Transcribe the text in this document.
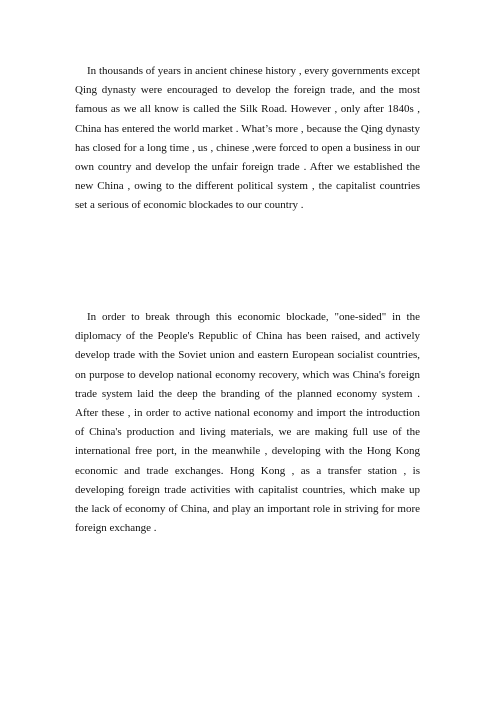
In thousands of years in ancient chinese history , every governments except Qing dynasty were encouraged to develop the foreign trade, and the most famous as we all know is called the Silk Road. However , only after 1840s , China has entered the world market . What’s more , because the Qing dynasty has closed for a long time , us , chinese ,were forced to open a business in our own country and develop the unfair foreign trade . After we established the new China , owing to the different political system , the capitalist countries set a serious of economic blockades to our country .

In order to break through this economic blockade, "one-sided" in the diplomacy of the People's Republic of China has been raised, and actively develop trade with the Soviet union and eastern European socialist countries, on purpose to develop national economy recovery, which was China's foreign trade system laid the deep the branding of the planned economy system . After these , in order to active national economy and import the introduction of China's production and living materials, we are making full use of the international free port, in the meanwhile , developing with the Hong Kong economic and trade exchanges. Hong Kong , as a transfer station , is developing foreign trade activities with capitalist countries, which make up the lack of economy of China, and play an important role in striving for more foreign exchange .
